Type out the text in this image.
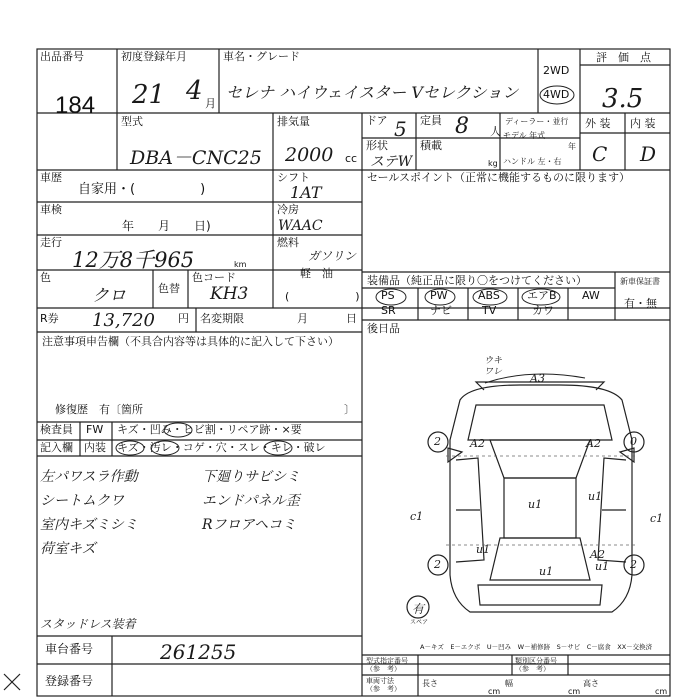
出品番号
184
初度登録年月
21 4 月
車名・グレード
セレナ ハイウェイスター Vセレクション
2WD
4WD
評　価　点
3.5
型式
DBA－CNC25
排気量
2000 cc
ドア 5 定員 8 人
ディーラー・並行
モデル 年式
年
外 装 内 装
C D
形状
ステW
積載
kg ハンドル 左・右
車歴
自家用・(　　　　　)
シフト
1AT
車検
年　　月　　日)
冷房
WAAC
走行
12万8千965	km
燃料
ガソリン
軽　油
(　　　　　　)
色
クロ	色替
色コード
KH3
R券 13,720 円 名変期限	月	日
セールスポイント（正常に機能するものに限ります）
装備品（純正品に限り〇をつけてください）	新車保証書
有・無
PS	PW	ABS エアB AW
SR	ナビ	TV	カワ
後日品
注意事項申告欄（不具合内容等は具体的に記入して下さい）
修復歴　有〔箇所	〕
検査員
記入欄
FW キズ・凹み・ヒビ割・リペア跡・×要
内装 キズ・汚レ・コゲ・穴・スレ・キレ・破レ
左パワスラ作動
シートムクワ
室内キズミシミ
荷室キズ
下廻りサビシミ
エンドパネル歪
Rフロアヘコミ
スタッドレス装着
ウキ
ワレ	A3
A2	A2
A2
u1
u1
u1
u1	u1
c1	c1
2	0
2	2
有
スペア
A－キズ　E－エクボ　U－凹み　W－補修跡　S－サビ　C－腐食　XX－交換済
車台番号	261255
登録番号
型式指定番号
（参　考）
類別区分番号
（参　考）
車両寸法
（参　考）
長さ
cm
幅
cm
高さ
cm
